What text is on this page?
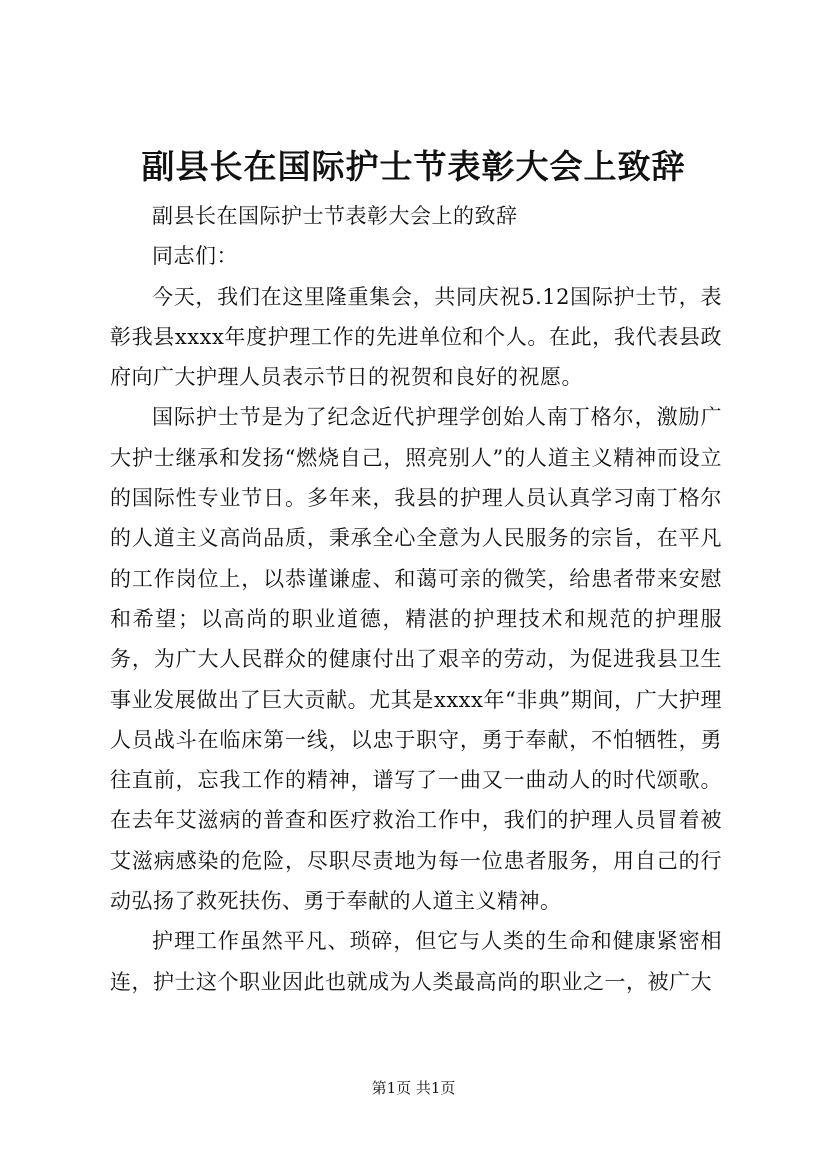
副县长在国际护士节表彰大会上致辞

副县长在国际护士节表彰大会上的致辞

同志们：

今天，我们在这里隆重集会，共同庆祝5.12国际护士节，表彰我县xxxx年度护理工作的先进单位和个人。在此，我代表县政府向广大护理人员表示节日的祝贺和良好的祝愿。

国际护士节是为了纪念近代护理学创始人南丁格尔，激励广大护士继承和发扬“燃烧自己，照亮别人”的人道主义精神而设立的国际性专业节日。多年来，我县的护理人员认真学习南丁格尔的人道主义高尚品质，秉承全心全意为人民服务的宗旨，在平凡的工作岗位上，以恭谨谦虚、和蔼可亲的微笑，给患者带来安慰和希望；以高尚的职业道德，精湛的护理技术和规范的护理服务，为广大人民群众的健康付出了艰辛的劳动，为促进我县卫生事业发展做出了巨大贡献。尤其是xxxx年“非典”期间，广大护理人员战斗在临床第一线，以忠于职守，勇于奉献，不怕牺牲，勇往直前，忘我工作的精神，谱写了一曲又一曲动人的时代颂歌。在去年艾滋病的普查和医疗救治工作中，我们的护理人员冒着被艾滋病感染的危险，尽职尽责地为每一位患者服务，用自己的行动弘扬了救死扶伤、勇于奉献的人道主义精神。

护理工作虽然平凡、琐碎，但它与人类的生命和健康紧密相连，护士这个职业因此也就成为人类最高尚的职业之一，被广大

第1页 共1页
